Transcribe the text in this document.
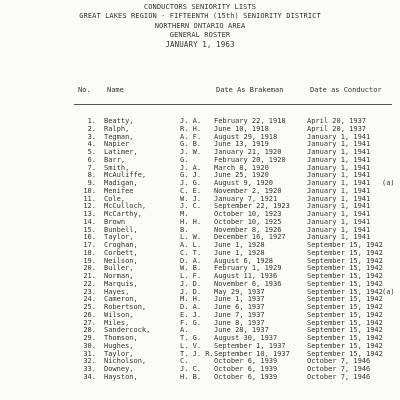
CONDUCTORS SENIORITY LISTS
GREAT LAKES REGION - FIFTEENTH (15th) SENIORITY DISTRICT
NORTHERN ONTARIO AREA
GENERAL ROSTER
JANUARY 1, 1963
No. Name	Date As Brakeman	Date as Conductor
1. Beatty,	J. A. February 22, 1918	April 20, 1937
2. Ralph,	R. H. June 10, 1918	April 20, 1937
3. Tegman,	A. F. August 29, 1918	January 1, 1941
4. Napier	G. B. June 13, 1919	January 1, 1941
5. Latimer,	J. W. January 21, 1920	January 1, 1941
6. Barr,	G.	February 20, 1920	January 1, 1941
7. Smith,	J. A. March 8, 1920	January 1, 1941
8. McAuliffe,	G. J. June 25, 1920	January 1, 1941
9. Madigan,	J. G. August 9, 1920	January 1, 1941 (a)
10. Menifee	C. E. November 2, 1920	January 1, 1941
11. Cole,	W. J. January 7, 1921	January 1, 1941
12. McCulloch,	J. C. September 22, 1923 January 1, 1941
13. McCarthy,	M.	October 10, 1923	January 1, 1941
14. Brown	H. H. October 10, 1925	January 1, 1941
15. Bunbell,	B.	November 8, 1926	January 1, 1941
16. Taylor,	L. W. December 16, 1927	January 1, 1941
17. Croghan,	A. L. June 1, 1928	September 15, 1942
18. Corbett,	C. T. June 1, 1928	September 15, 1942
19. Neilson,	D. A. August 6, 1928	September 15, 1942
20. Buller,	W. B. February 1, 1929	September 15, 1942
21. Norman,	L. F. August 11, 1936	September 15, 1942
22. Marquis,	J. D. November 6, 1936	September 15, 1942
23. Hayes,	J. D. May 29, 1937	September 15, 1942 (a)
24. Cameron,	M. H. June 1, 1937	September 15, 1942
25. Robertson,	D. A. June 6, 1937	September 15, 1942
26. Wilson,	E. J. June 7, 1937	September 15, 1942
27. Miles,	F. G. June 8, 1937	September 15, 1942
28. Sandercock,	A.	June 28, 1937	September 15, 1942
29. Thomson,	T. G. August 30, 1937	September 15, 1942
30. Hughes,	L. V. September 1, 1937	September 15, 1942
31. Taylor,	T. J. R. September 10, 1937 September 15, 1942
32. Nicholson,	C.	October 6, 1939	October 7, 1946
33. Downey,	J. C. October 6, 1939	October 7, 1946
34. Hayston,	H. B. October 6, 1939	October 7, 1946
